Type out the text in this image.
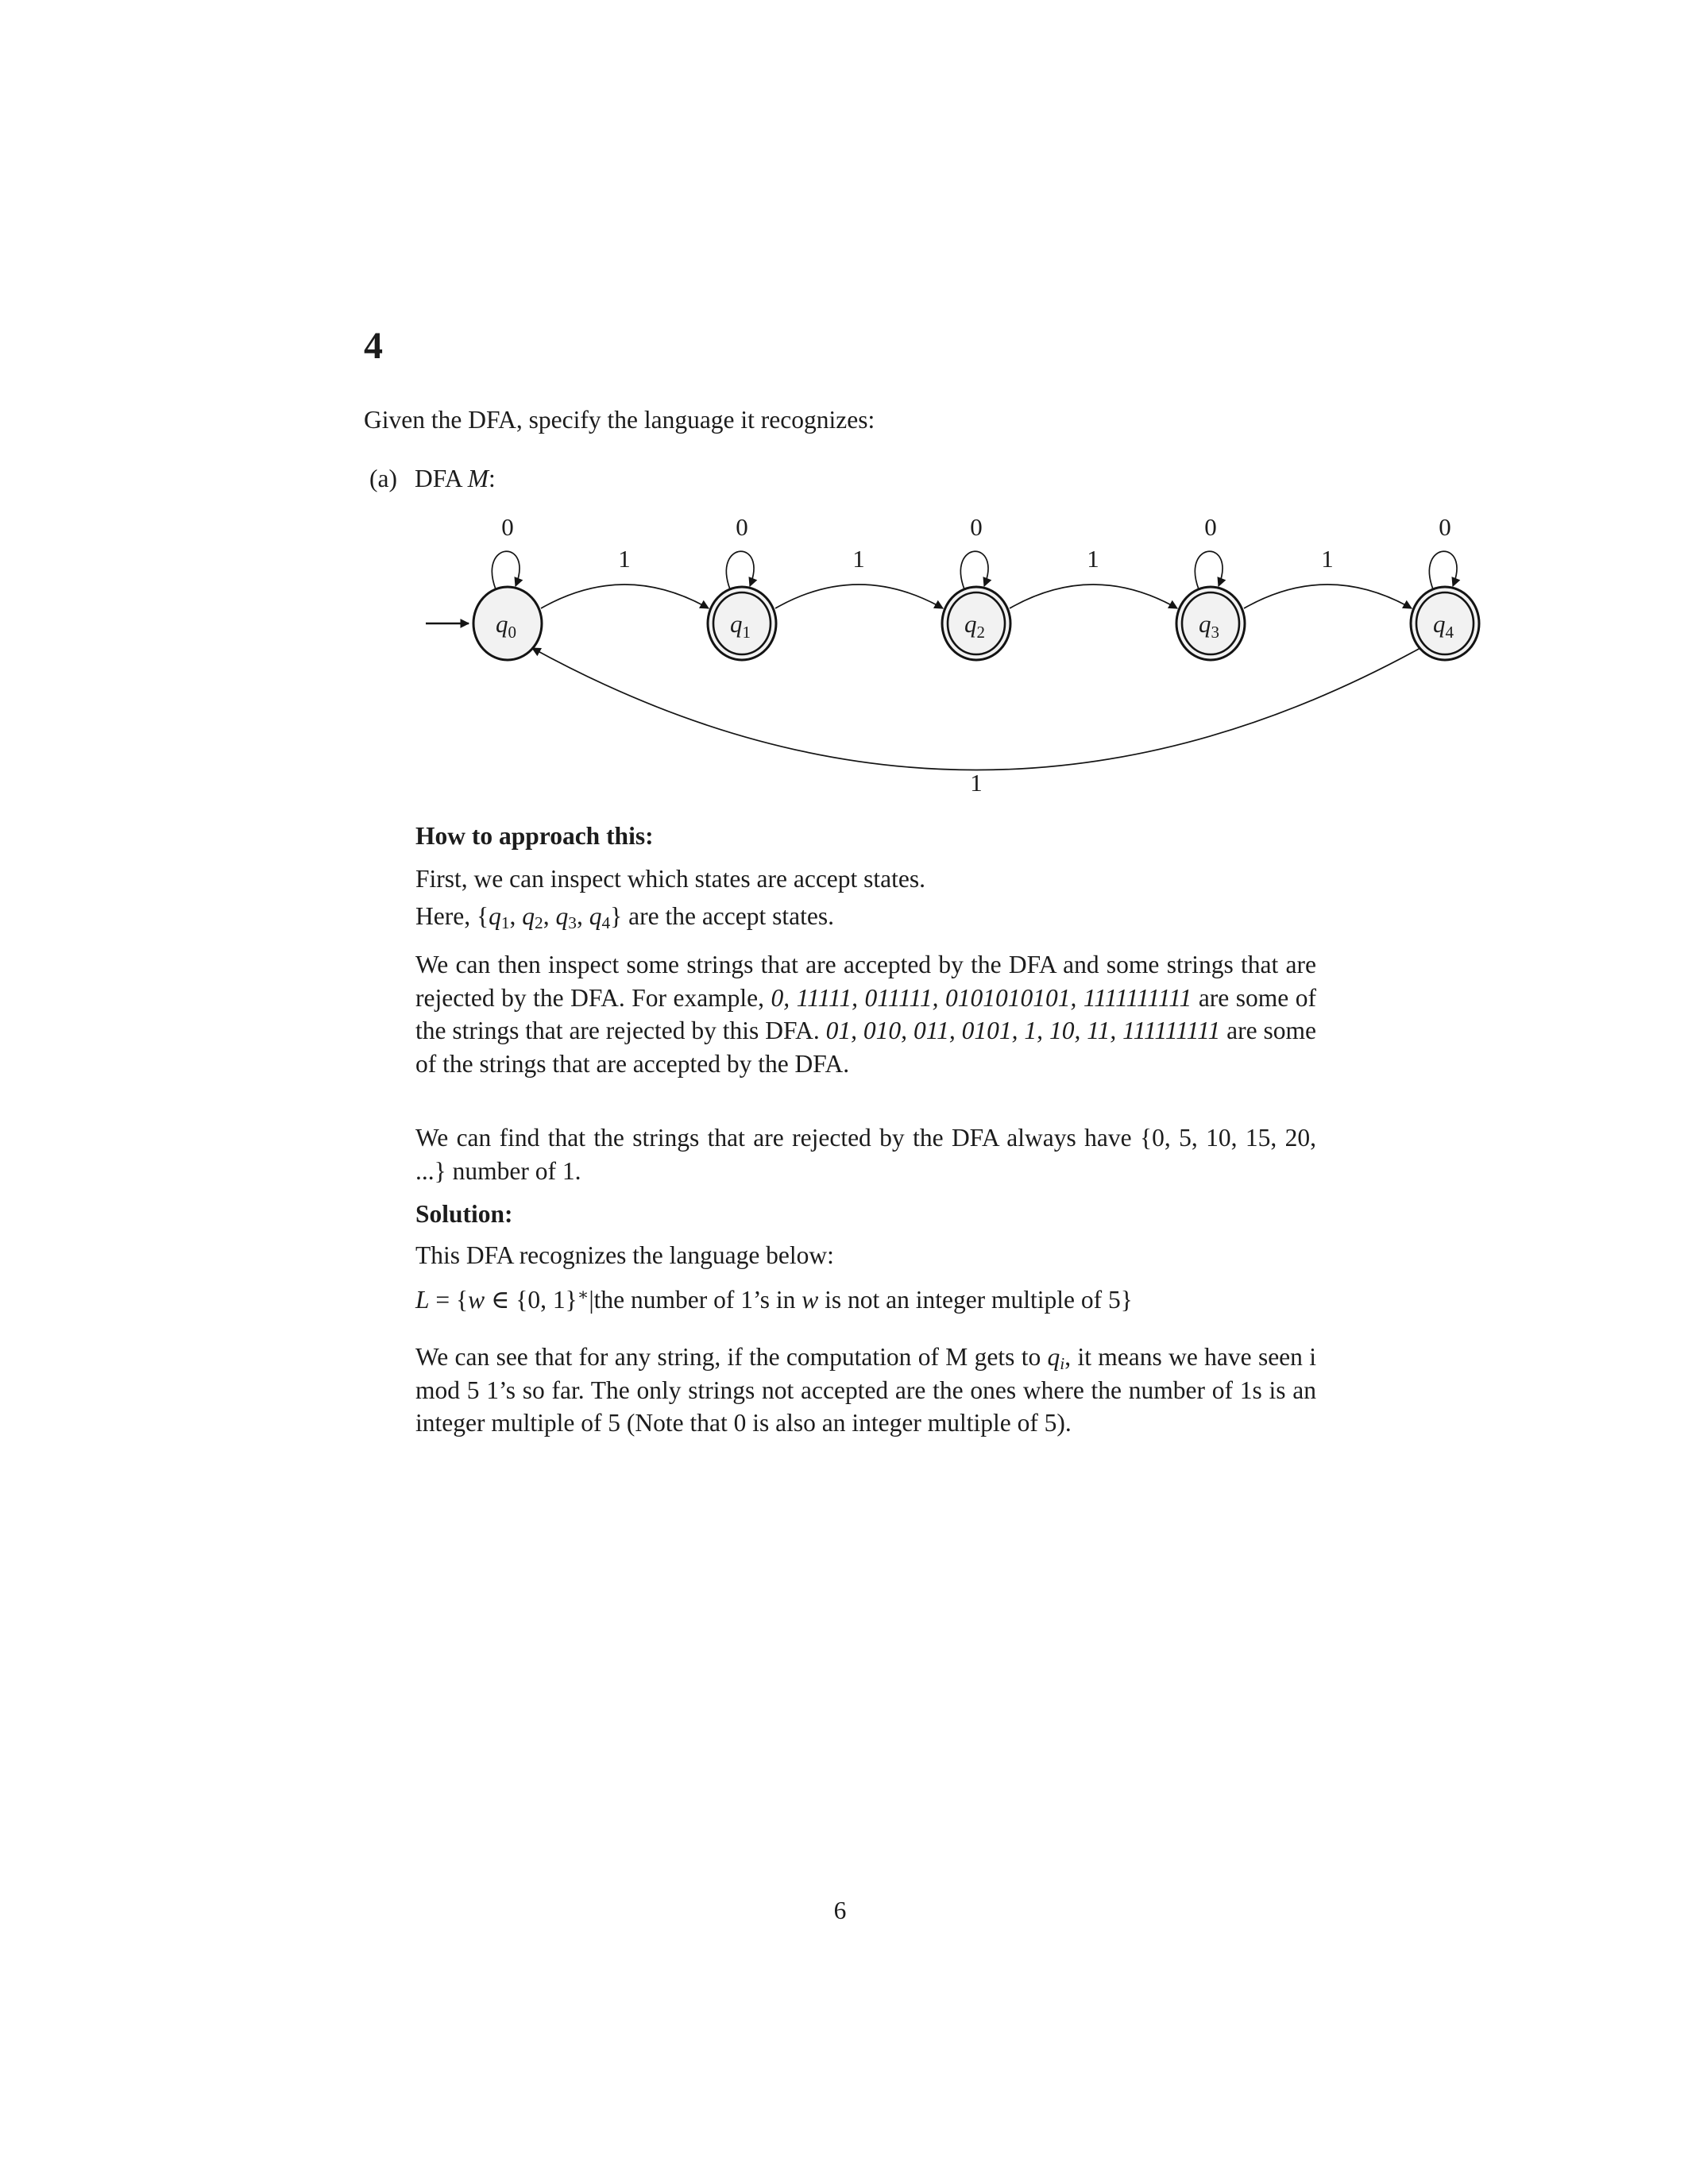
4
Given the DFA, specify the language it recognizes:
(a) DFA M:
1	1	1	1
1
0
$q_0$
0
$q_1$
0
$q_2$
0
$q_3$
0
$q_4$
How to approach this:
First, we can inspect which states are accept states.
Here, {$q_1$, $q_2$, $q_3$, $q_4$} are the accept states.
We can then inspect some strings that are accepted by the DFA and some strings that are rejected by the DFA. For example, 0, 11111, 011111, 0101010101, 1111111111 are some of the strings that are rejected by this DFA. 01, 010, 011, 0101, 1, 10, 11, 111111111 are some of the strings that are accepted by the DFA.
We can find that the strings that are rejected by the DFA always have {0, 5, 10, 15, 20, ...} number of 1.
Solution:
This DFA recognizes the language below:
L = {w ∈ {0, 1}∗|the number of 1’s in w is not an integer multiple of 5}
We can see that for any string, if the computation of M gets to $q_i$, it means we have seen i mod 5 1’s so far. The only strings not accepted are the ones where the number of 1s is an integer multiple of 5 (Note that 0 is also an integer multiple of 5).
6
